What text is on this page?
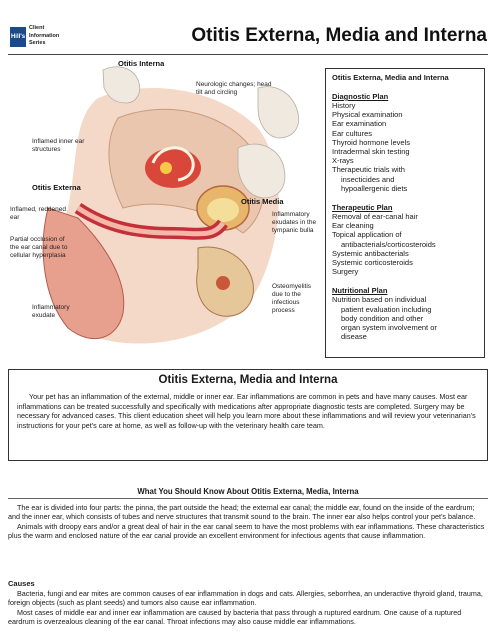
Hill's
Client
Information
Series	Otitis Externa, Media and Interna
Otitis Interna
Neurologic changes; head tilt and circling
Inflamed inner ear structures
Otitis Externa
Inflamed, reddened ear
Partial occlusion of the ear canal due to cellular hyperplasia
Inflammatory exudate
Otitis Media
Inflammatory exudates in the tympanic bulla
Osteomyelitis due to the infectious process
Otitis Externa, Media and Interna
Diagnostic Plan
History
Physical examination
Ear examination
Ear cultures
Thyroid hormone levels
Intradermal skin testing
X-rays
Therapeutic trials with
insecticides and
hypoallergenic diets
Therapeutic Plan
Removal of ear-canal hair
Ear cleaning
Topical application of
antibacterials/corticosteroids
Systemic antibacterials
Systemic corticosteroids
Surgery
Nutritional Plan
Nutrition based on individual
patient evaluation including
body condition and other
organ system involvement or
disease
Otitis Externa, Media and Interna
Your pet has an inflammation of the external, middle or inner ear. Ear inflammations are common in pets and have many causes. Most ear inflammations can be treated successfully and specifically with medications after appropriate diagnostic tests are completed. Surgery may be necessary for advanced cases. This client education sheet will help you learn more about these inflammations and will review your veterinarian’s instructions for your pet’s care at home, as well as follow-up with the veterinary health care team.
What You Should Know About Otitis Externa, Media, Interna

The ear is divided into four parts: the pinna, the part outside the head; the external ear canal; the middle ear, found on the inside of the eardrum; and the inner ear, which consists of tubes and nerve structures that transmit sound to the brain. The inner ear also helps control your pet’s balance.

Animals with droopy ears and/or a great deal of hair in the ear canal seem to have the most problems with ear inflammations. These characteristics plus the warm and enclosed nature of the ear canal provide an excellent environment for infectious agents that cause inflammation.

Causes

Bacteria, fungi and ear mites are common causes of ear inflammation in dogs and cats. Allergies, seborrhea, an underactive thyroid gland, trauma, foreign objects (such as plant seeds) and tumors also cause ear inflammation.

Most cases of middle ear and inner ear inflammation are caused by bacteria that pass through a ruptured eardrum. One cause of a ruptured eardrum is overzealous cleaning of the ear canal. Throat infections may also cause middle ear inflammations.
